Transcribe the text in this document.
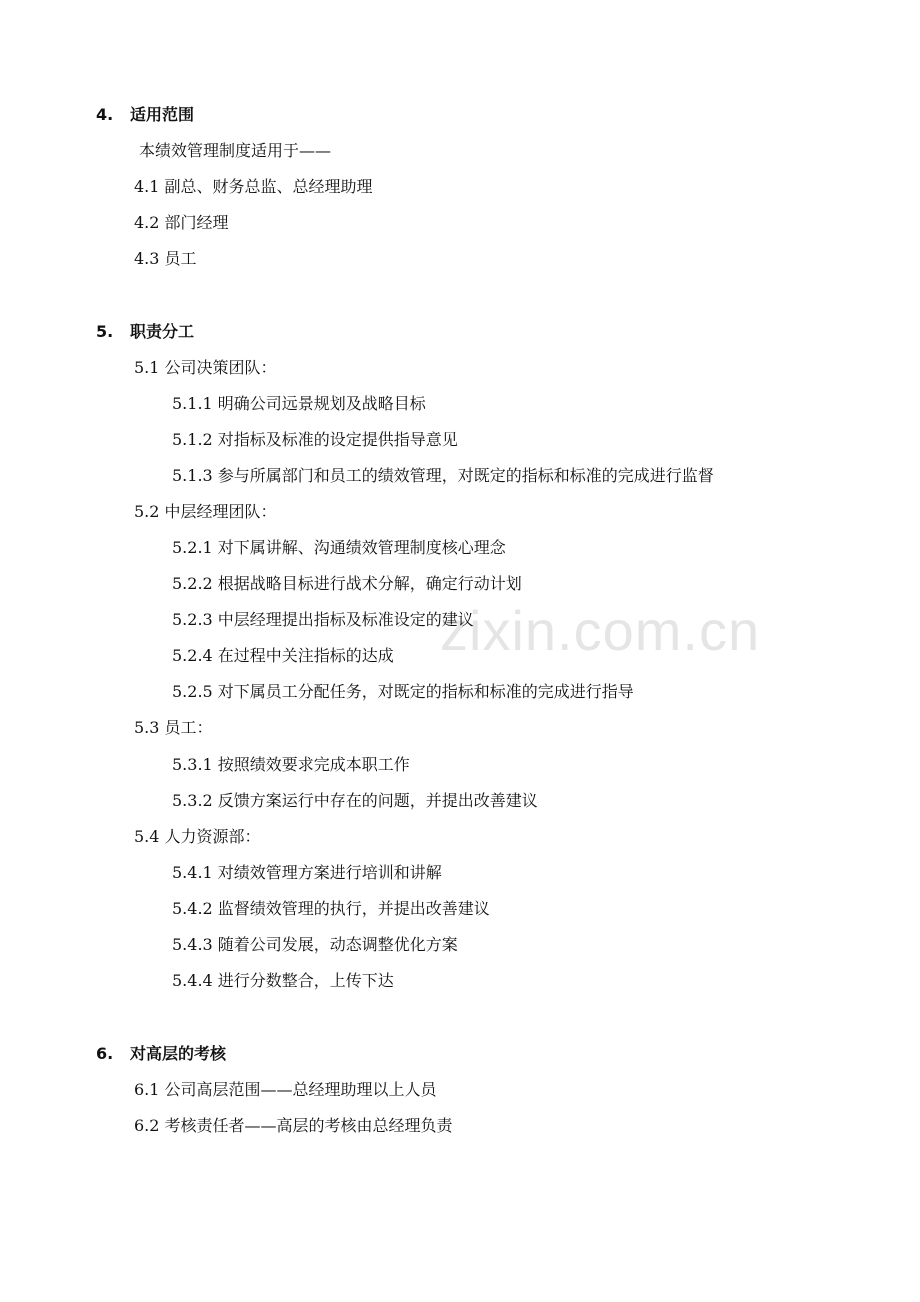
zixin.com.cn
4. 适用范围
本绩效管理制度适用于——
4.1 副总、财务总监、总经理助理
4.2 部门经理
4.3 员工
5. 职责分工
5.1 公司决策团队：
5.1.1 明确公司远景规划及战略目标
5.1.2 对指标及标准的设定提供指导意见
5.1.3 参与所属部门和员工的绩效管理，对既定的指标和标准的完成进行监督
5.2 中层经理团队：
5.2.1 对下属讲解、沟通绩效管理制度核心理念
5.2.2 根据战略目标进行战术分解，确定行动计划
5.2.3 中层经理提出指标及标准设定的建议
5.2.4 在过程中关注指标的达成
5.2.5 对下属员工分配任务，对既定的指标和标准的完成进行指导
5.3 员工：
5.3.1 按照绩效要求完成本职工作
5.3.2 反馈方案运行中存在的问题，并提出改善建议
5.4 人力资源部：
5.4.1 对绩效管理方案进行培训和讲解
5.4.2 监督绩效管理的执行，并提出改善建议
5.4.3 随着公司发展，动态调整优化方案
5.4.4 进行分数整合，上传下达
6. 对高层的考核
6.1 公司高层范围——总经理助理以上人员
6.2 考核责任者——高层的考核由总经理负责
